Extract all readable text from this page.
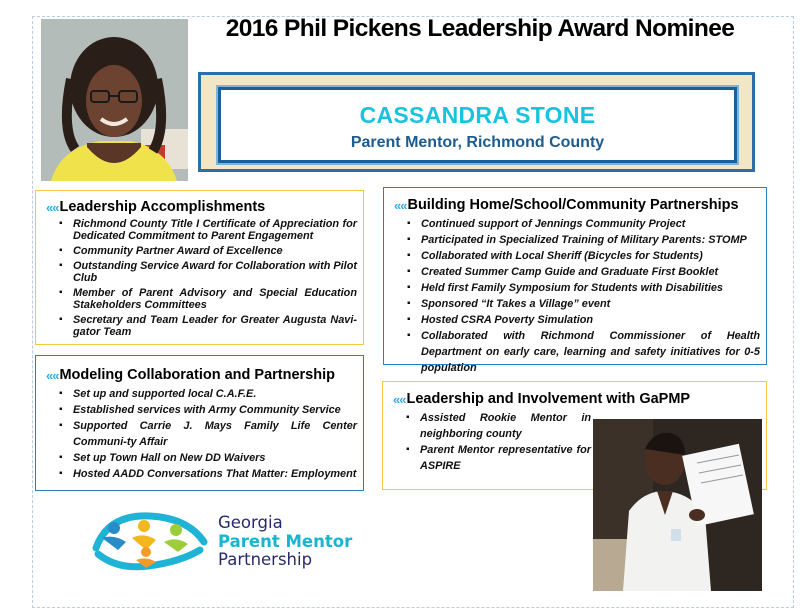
2016 Phil Pickens Leadership Award Nominee
CASSANDRA STONE
Parent Mentor, Richmond County
«« Leadership Accomplishments
▪ Richmond County Title I Certificate of Appreciation for Dedicated Commitment to Parent Engagement
▪ Community Partner Award of Excellence
▪ Outstanding Service Award for Collaboration with Pilot Club
▪ Member of Parent Advisory and Special Education Stakeholders Committees
▪ Secretary and Team Leader for Greater Augusta Navi-gator Team
«« Building Home/School/Community Partnerships
▪ Continued support of Jennings Community Project
▪ Participated in Specialized Training of Military Parents: STOMP
▪ Collaborated with Local Sheriff (Bicycles for Students)
▪ Created Summer Camp Guide and Graduate First Booklet
▪ Held first Family Symposium for Students with Disabilities
▪ Sponsored “It Takes a Village” event
▪ Hosted CSRA Poverty Simulation
▪ Collaborated with Richmond Commissioner of Health Department on early care, learning and safety initiatives for 0-5 population
«« Modeling Collaboration and Partnership
▪ Set up and supported local C.A.F.E.
▪ Established services with Army Community Service
▪ Supported Carrie J. Mays Family Life Center Communi-ty Affair
▪ Set up Town Hall on New DD Waivers
▪ Hosted AADD Conversations That Matter: Employment
«« Leadership and Involvement with GaPMP
▪ Assisted Rookie Mentor in neighboring county
▪ Parent Mentor representative for ASPIRE
Georgia
Parent Mentor
Partnership
